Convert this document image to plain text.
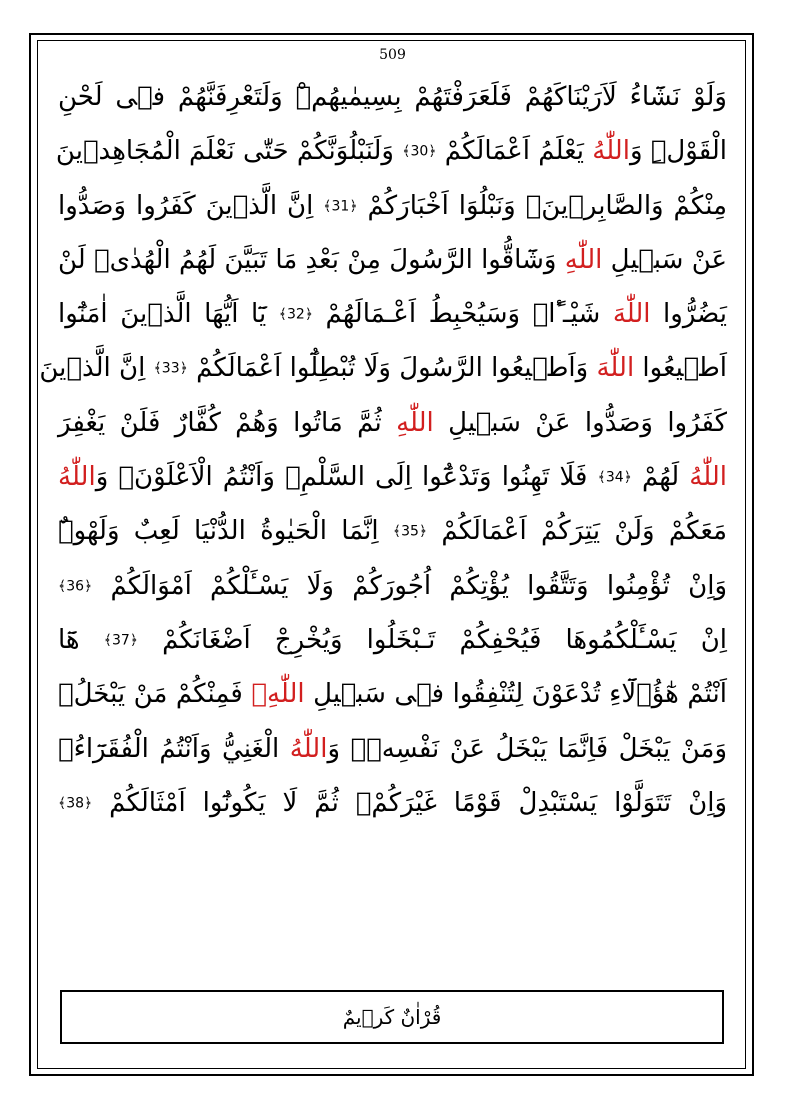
509
وَلَوْ نَشَٓاءُ لَاَرَيْنَاكَهُمْ فَلَعَرَفْتَهُمْ بِسِيمٰيهُمْۜ وَلَتَعْرِفَنَّهُمْ فٖى لَحْنِ
الْقَوْلِۜ وَاللّٰهُ يَعْلَمُ اَعْمَالَكُمْ ﴿30﴾ وَلَنَبْلُوَنَّكُمْ حَتّٰى نَعْلَمَ الْمُجَاهِدٖينَ
مِنْكُمْ وَالصَّابِرٖينَۙ وَنَبْلُوَا اَخْبَارَكُمْ ﴿31﴾ اِنَّ الَّذٖينَ كَفَرُوا وَصَدُّوا
عَنْ سَبٖيلِ اللّٰهِ وَشَٓاقُّوا الرَّسُولَ مِنْ بَعْدِ مَا تَبَيَّنَ لَهُمُ الْهُدٰىۙ لَنْ
يَضُرُّوا اللّٰهَ شَيْـٴًاۜ وَسَيُحْبِطُ اَعْـمَالَهُمْ ﴿32﴾ يَٓا اَيُّهَا الَّذٖينَ اٰمَنُٓوا
اَطٖيعُوا اللّٰهَ وَاَطٖيعُوا الرَّسُولَ وَلَا تُبْطِلُٓوا اَعْمَالَكُمْ ﴿33﴾ اِنَّ الَّذٖينَ
كَفَرُوا وَصَدُّوا عَنْ سَبٖيلِ اللّٰهِ ثُمَّ مَاتُوا وَهُمْ كُفَّارٌ فَلَنْ يَغْفِرَ
اللّٰهُ لَهُمْ ﴿34﴾ فَلَا تَهِنُوا وَتَدْعُٓوا اِلَى السَّلْمِۗ وَاَنْتُمُ الْاَعْلَوْنَۗ وَاللّٰهُ
مَعَكُمْ وَلَنْ يَتِرَكُمْ اَعْمَالَكُمْ ﴿35﴾ اِنَّمَا الْحَيٰوةُ الدُّنْيَا لَعِبٌ وَلَهْوٌۜ
وَاِنْ تُؤْمِنُوا وَتَتَّقُوا يُؤْتِكُمْ اُجُورَكُمْ وَلَا يَسْـَٔلْكُمْ اَمْوَالَكُمْ ﴿36﴾
اِنْ يَسْـَٔلْكُمُوهَا فَيُحْفِكُمْ تَـبْخَلُوا وَيُخْرِجْ اَضْغَانَكُمْ ﴿37﴾ هَٓا
اَنْتُمْ هٰٓؤُ۬لَٓاءِ تُدْعَوْنَ لِتُنْفِقُوا فٖى سَبٖيلِ اللّٰهِۚ فَمِنْكُمْ مَنْ يَبْخَلُۚ
وَمَنْ يَبْخَلْ فَاِنَّمَا يَبْخَلُ عَنْ نَفْسِهٖۜ وَاللّٰهُ الْغَنِيُّ وَاَنْتُمُ الْفُقَرَٓاءُۚ
وَاِنْ تَتَوَلَّوْا يَسْتَبْدِلْ قَوْمًا غَيْرَكُمْۙ ثُمَّ لَا يَكُونُٓوا اَمْثَالَكُمْ ﴿38﴾
قُرْاٰنٌ كَرٖيمٌ
